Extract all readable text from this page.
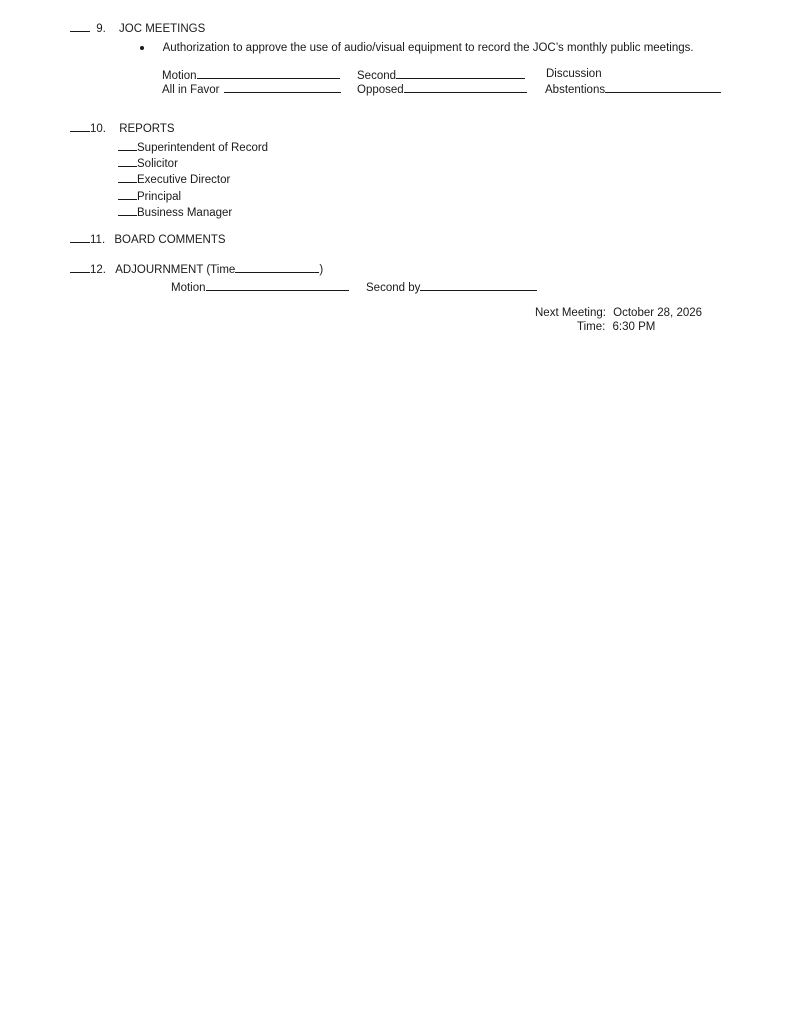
9. JOC MEETINGS
Authorization to approve the use of audio/visual equipment to record the JOC’s monthly public meetings.
Motion	Second	Discussion
All in Favor	Opposed	Abstentions
10. REPORTS
Superintendent of Record
Solicitor
Executive Director
Principal
Business Manager
11. BOARD COMMENTS
12. ADJOURNMENT (Time	)
Motion	Second by
Next Meeting: October 28, 2026
Time: 6:30 PM
